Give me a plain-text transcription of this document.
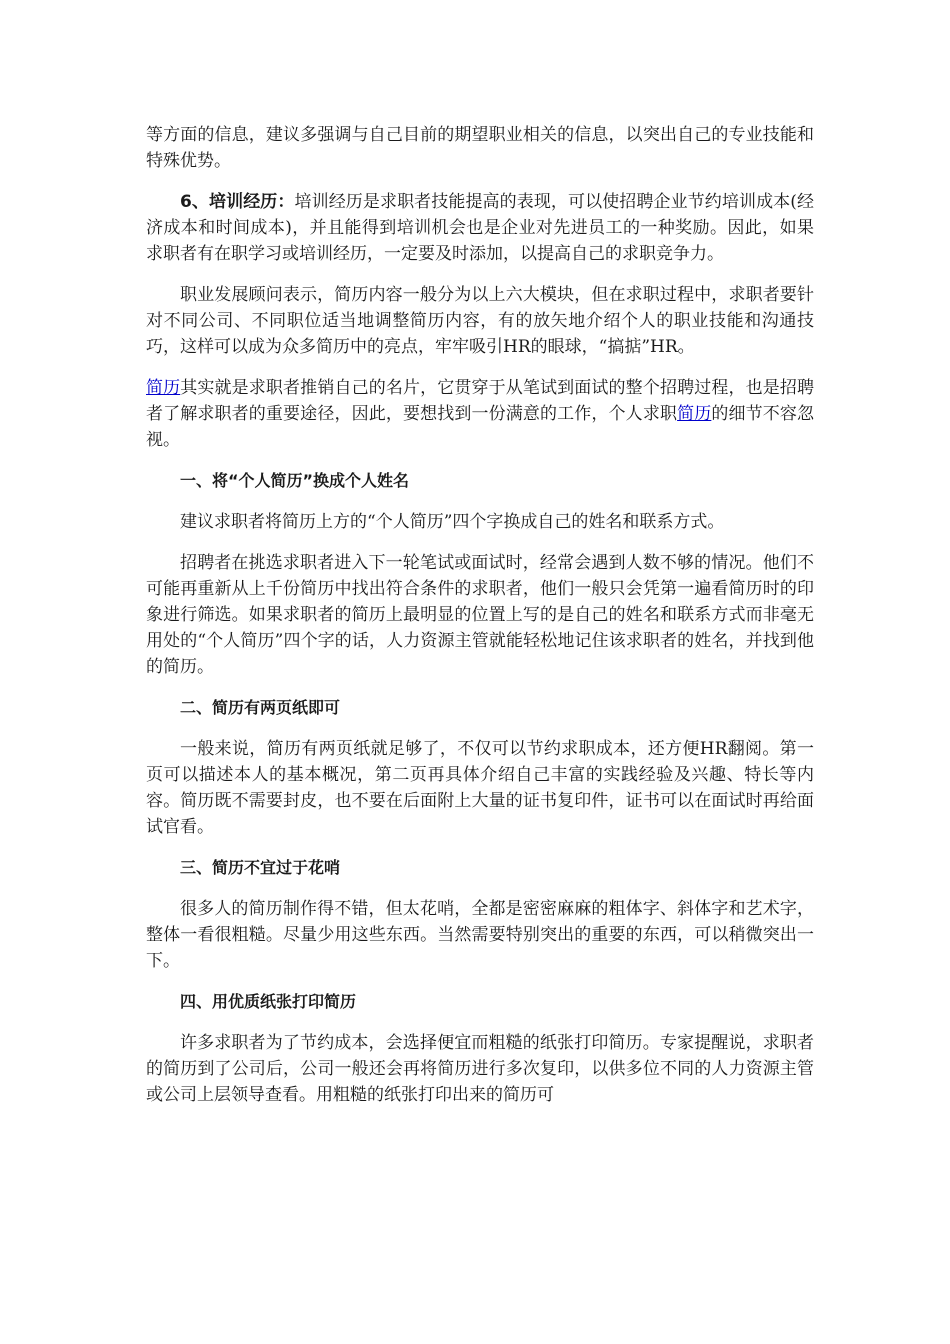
等方面的信息，建议多强调与自己目前的期望职业相关的信息，以突出自己的专业技能和特殊优势。

6、培训经历：培训经历是求职者技能提高的表现，可以使招聘企业节约培训成本(经济成本和时间成本)，并且能得到培训机会也是企业对先进员工的一种奖励。因此，如果求职者有在职学习或培训经历，一定要及时添加，以提高自己的求职竞争力。

职业发展顾问表示，简历内容一般分为以上六大模块，但在求职过程中，求职者要针对不同公司、不同职位适当地调整简历内容，有的放矢地介绍个人的职业技能和沟通技巧，这样可以成为众多简历中的亮点，牢牢吸引HR的眼球，“搞掂”HR。

简历其实就是求职者推销自己的名片，它贯穿于从笔试到面试的整个招聘过程，也是招聘者了解求职者的重要途径，因此，要想找到一份满意的工作，个人求职简历的细节不容忽视。

一、将“个人简历”换成个人姓名

建议求职者将简历上方的“个人简历”四个字换成自己的姓名和联系方式。

招聘者在挑选求职者进入下一轮笔试或面试时，经常会遇到人数不够的情况。他们不可能再重新从上千份简历中找出符合条件的求职者，他们一般只会凭第一遍看简历时的印象进行筛选。如果求职者的简历上最明显的位置上写的是自己的姓名和联系方式而非毫无用处的“个人简历”四个字的话，人力资源主管就能轻松地记住该求职者的姓名，并找到他的简历。

二、简历有两页纸即可

一般来说，简历有两页纸就足够了，不仅可以节约求职成本，还方便HR翻阅。第一页可以描述本人的基本概况，第二页再具体介绍自己丰富的实践经验及兴趣、特长等内容。简历既不需要封皮，也不要在后面附上大量的证书复印件，证书可以在面试时再给面试官看。

三、简历不宜过于花哨

很多人的简历制作得不错，但太花哨，全都是密密麻麻的粗体字、斜体字和艺术字，整体一看很粗糙。尽量少用这些东西。当然需要特别突出的重要的东西，可以稍微突出一下。

四、用优质纸张打印简历

许多求职者为了节约成本，会选择便宜而粗糙的纸张打印简历。专家提醒说，求职者的简历到了公司后，公司一般还会再将简历进行多次复印，以供多位不同的人力资源主管或公司上层领导查看。用粗糙的纸张打印出来的简历可
